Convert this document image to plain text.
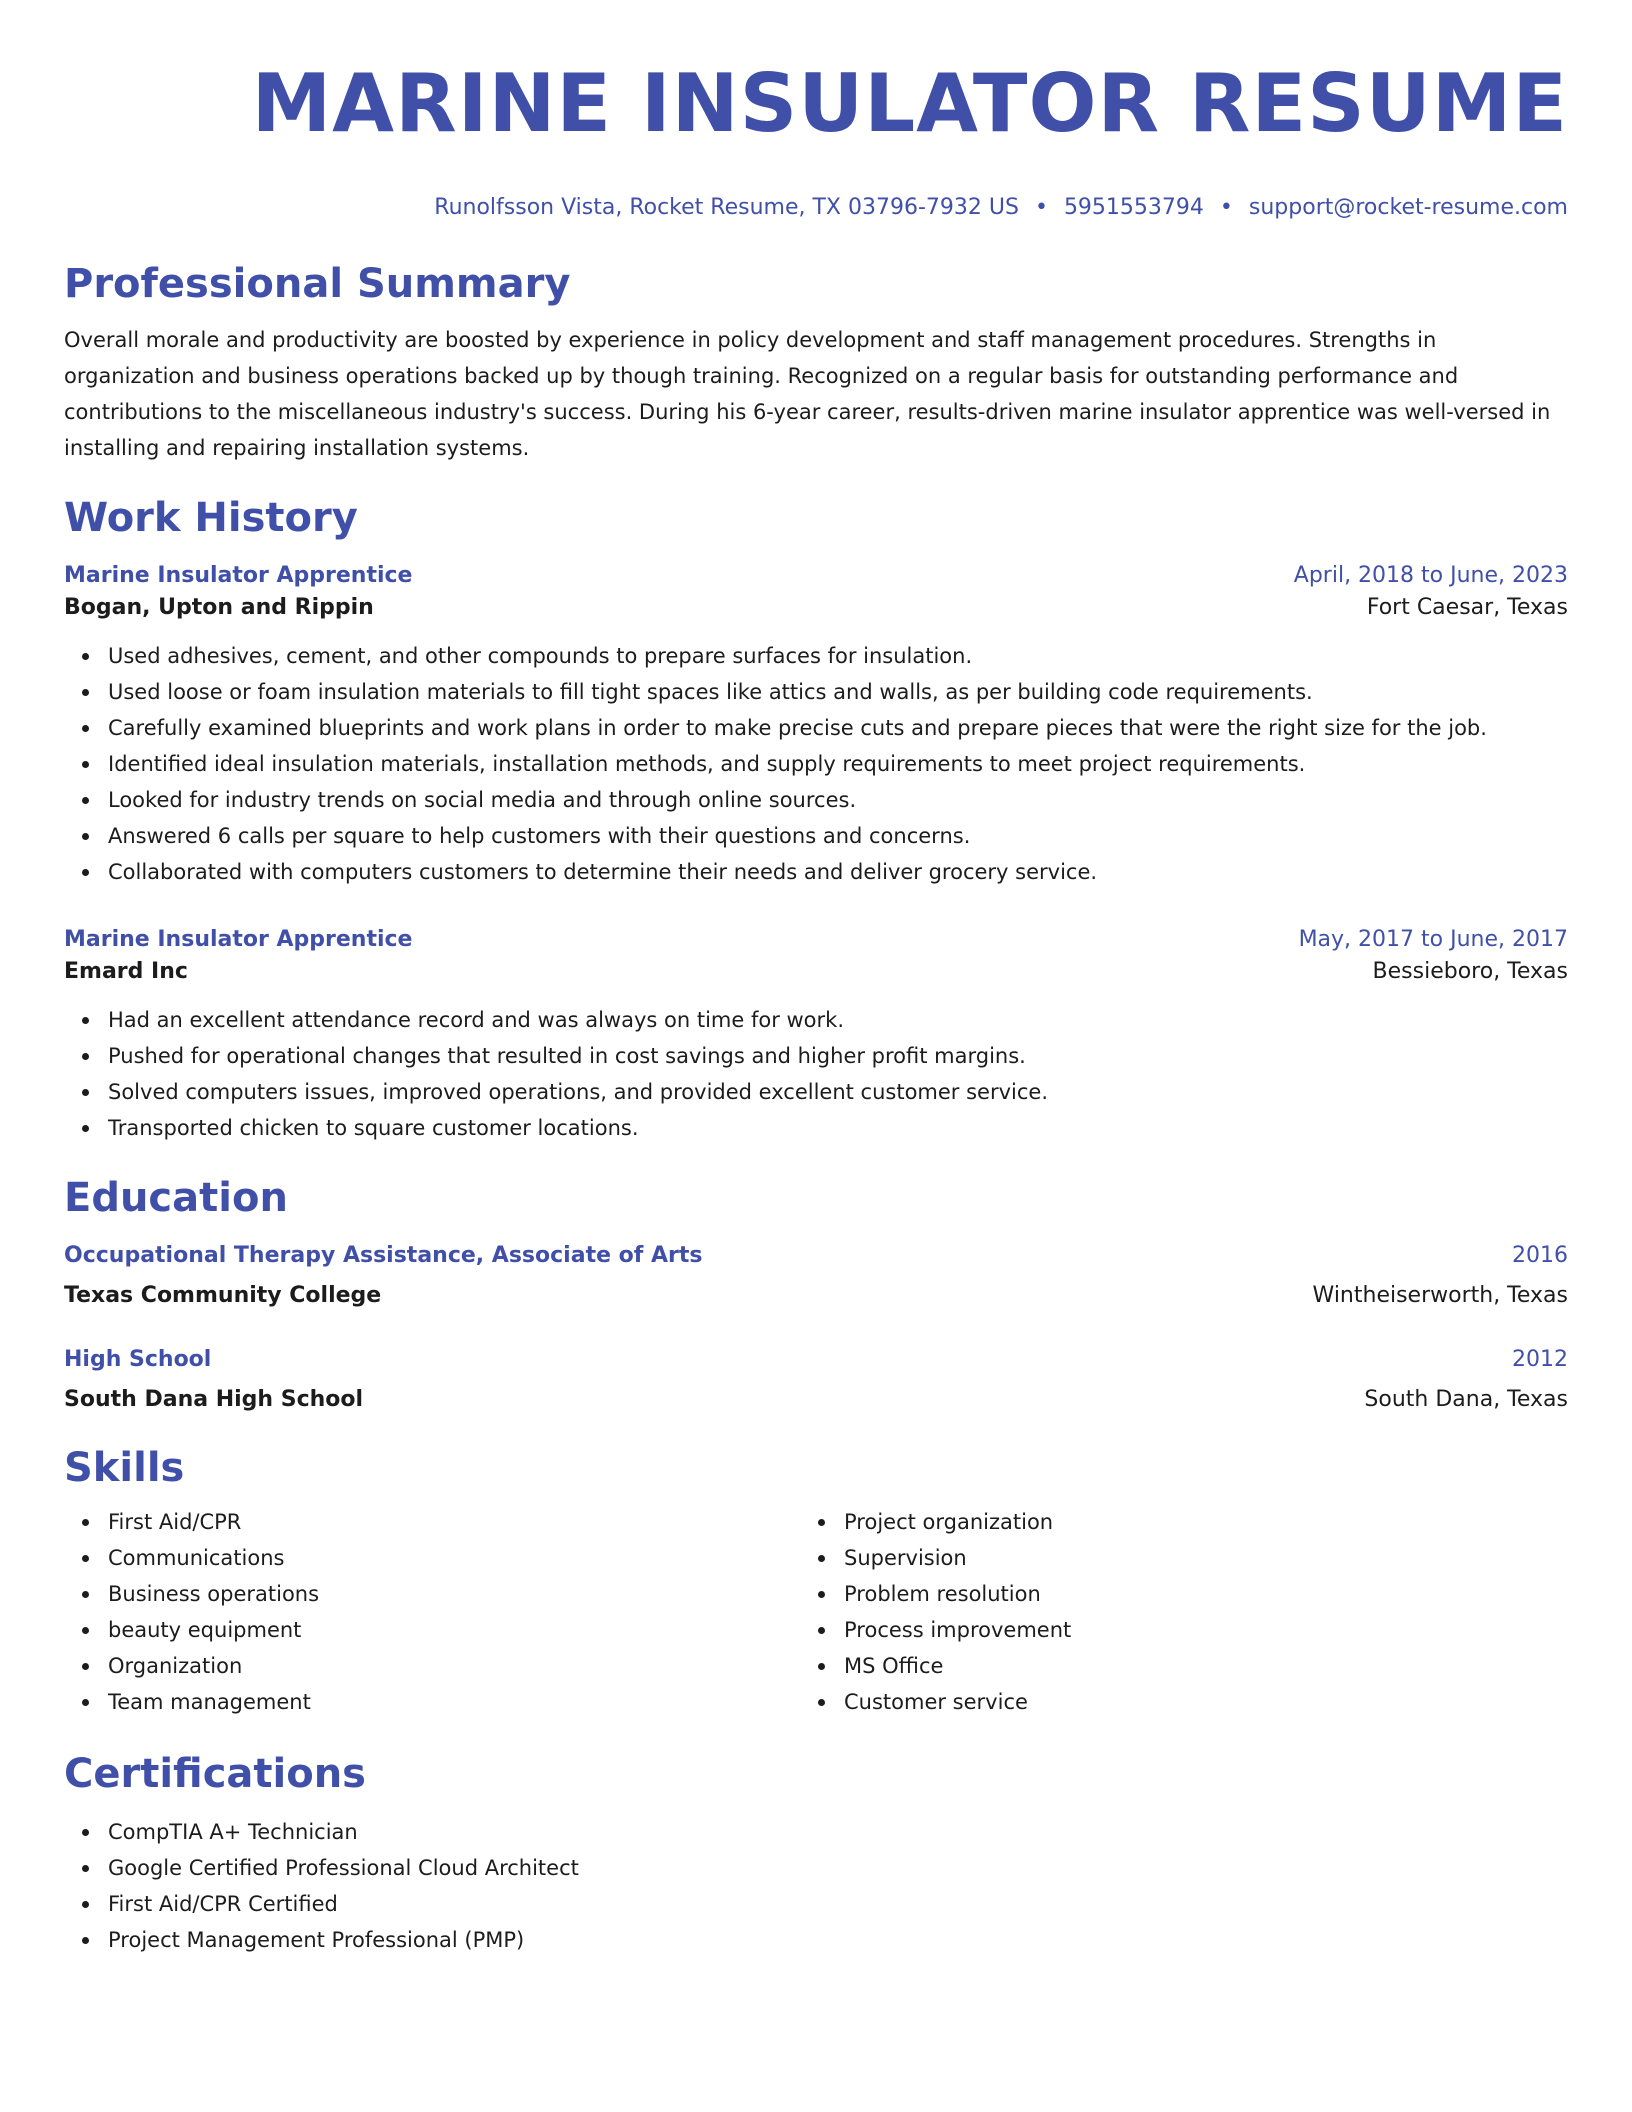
MARINE INSULATOR RESUME
Runolfsson Vista, Rocket Resume, TX 03796-7932 US • 5951553794 • support@rocket-resume.com
Professional Summary
Overall morale and productivity are boosted by experience in policy development and staff management procedures. Strengths in organization and business operations backed up by though training. Recognized on a regular basis for outstanding performance and contributions to the miscellaneous industry's success. During his 6-year career, results-driven marine insulator apprentice was well-versed in installing and repairing installation systems.
Work History
Marine Insulator Apprentice	April, 2018 to June, 2023
Bogan, Upton and Rippin	Fort Caesar, Texas
Used adhesives, cement, and other compounds to prepare surfaces for insulation.
Used loose or foam insulation materials to fill tight spaces like attics and walls, as per building code requirements.
Carefully examined blueprints and work plans in order to make precise cuts and prepare pieces that were the right size for the job.
Identified ideal insulation materials, installation methods, and supply requirements to meet project requirements.
Looked for industry trends on social media and through online sources.
Answered 6 calls per square to help customers with their questions and concerns.
Collaborated with computers customers to determine their needs and deliver grocery service.
Marine Insulator Apprentice	May, 2017 to June, 2017
Emard Inc	Bessieboro, Texas
Had an excellent attendance record and was always on time for work.
Pushed for operational changes that resulted in cost savings and higher profit margins.
Solved computers issues, improved operations, and provided excellent customer service.
Transported chicken to square customer locations.
Education
Occupational Therapy Assistance, Associate of Arts	2016
Texas Community College	Wintheiserworth, Texas
High School	2012
South Dana High School	South Dana, Texas
Skills
First Aid/CPR
Communications
Business operations
beauty equipment
Organization
Team management
Project organization
Supervision
Problem resolution
Process improvement
MS Office
Customer service
Certifications
CompTIA A+ Technician
Google Certified Professional Cloud Architect
First Aid/CPR Certified
Project Management Professional (PMP)
